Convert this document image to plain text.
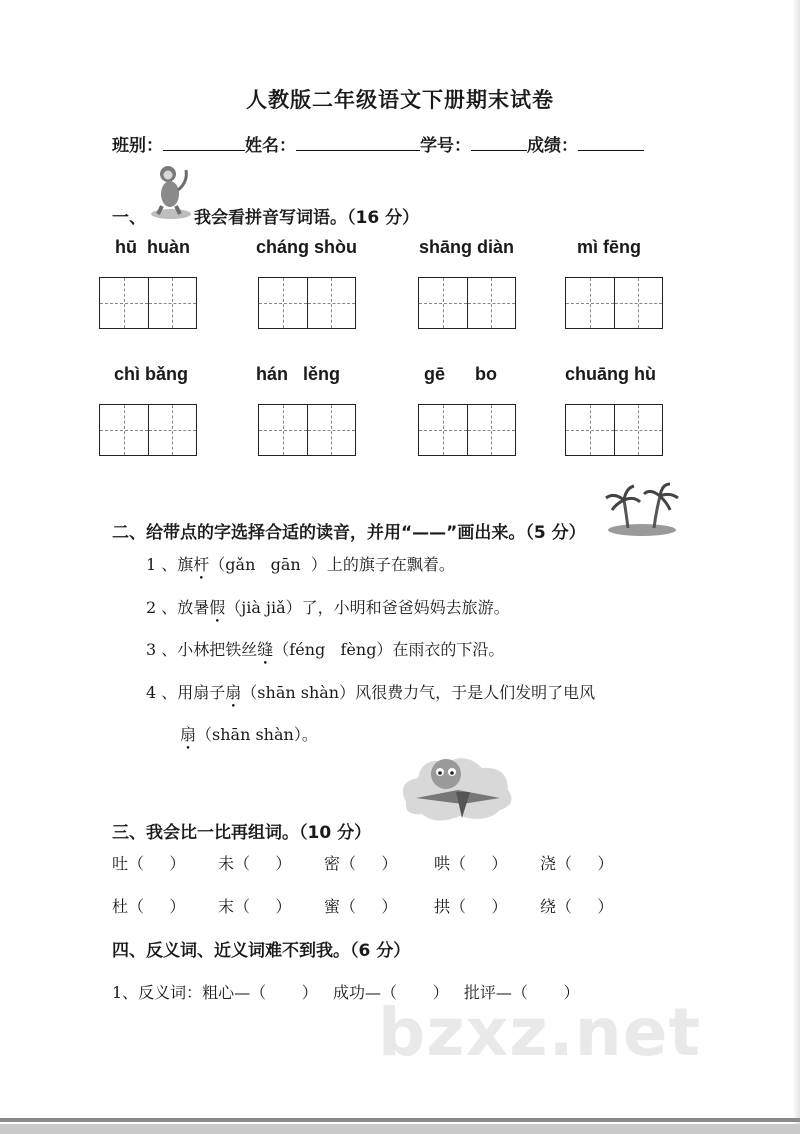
人教版二年级语文下册期末试卷
班别：	姓名：	学号：	成绩：
一、	我会看拼音写词语。（16 分）
hū  huàn	cháng shòu	shāng diàn	mì fēng
chì bǎng	hán   lěng	gē      bo	chuāng hù
二、给带点的字选择合适的读音，并用“——”画出来。（5 分）
1 、旗杆（gǎn   gān  ）上的旗子在飘着。
2 、放暑假（jià jiǎ）了，小明和爸爸妈妈去旅游。
3 、小林把铁丝缝（féng   fèng）在雨衣的下沿。
4 、用扇子扇（shān shàn）风很费力气，于是人们发明了电风
扇（shān shàn）。
三、我会比一比再组词。（10 分）
吐（     ） 未（     ） 密（     ） 哄（     ） 浇（     ）
杜（     ） 末（     ） 蜜（     ） 拱（     ） 绕（     ）
四、反义词、近义词难不到我。（6 分）
1、反义词：粗心—（       ）   成功—（       ）   批评—（       ）
bzxz.net
